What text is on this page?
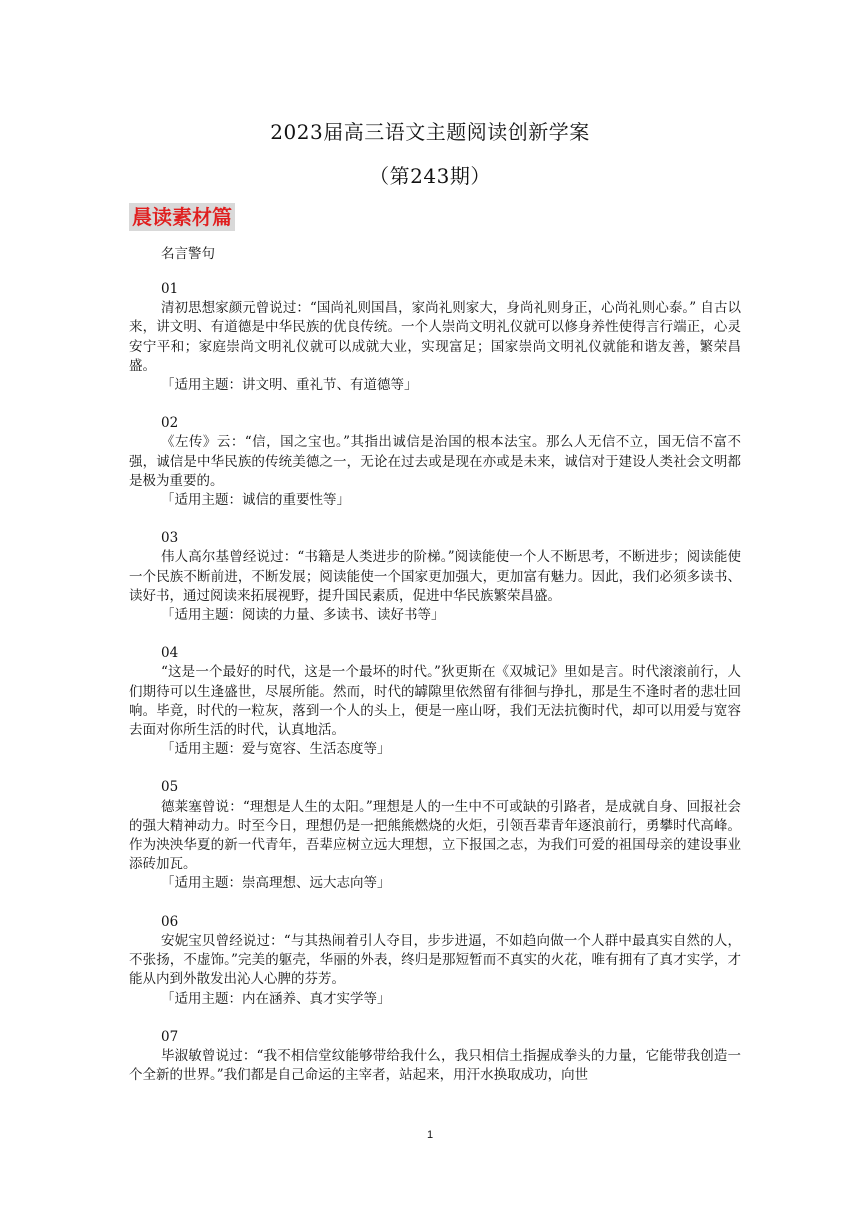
2023届高三语文主题阅读创新学案
（第243期）
晨读素材篇
名言警句
01
清初思想家颜元曾说过：“国尚礼则国昌，家尚礼则家大，身尚礼则身正，心尚礼则心泰。” 自古以来，讲文明、有道德是中华民族的优良传统。一个人崇尚文明礼仪就可以修身养性使得言行端正，心灵安宁平和；家庭崇尚文明礼仪就可以成就大业，实现富足；国家崇尚文明礼仪就能和谐友善，繁荣昌盛。
「适用主题：讲文明、重礼节、有道德等」
02
《左传》云：“信，国之宝也。”其指出诚信是治国的根本法宝。那么人无信不立，国无信不富不强，诚信是中华民族的传统美德之一，无论在过去或是现在亦或是未来，诚信对于建设人类社会文明都是极为重要的。
「适用主题：诚信的重要性等」
03
伟人高尔基曾经说过：“书籍是人类进步的阶梯。”阅读能使一个人不断思考，不断进步；阅读能使一个民族不断前进，不断发展；阅读能使一个国家更加强大，更加富有魅力。因此，我们必须多读书、读好书，通过阅读来拓展视野，提升国民素质，促进中华民族繁荣昌盛。
「适用主题：阅读的力量、多读书、读好书等」
04
“这是一个最好的时代，这是一个最坏的时代。”狄更斯在《双城记》里如是言。时代滚滚前行，人们期待可以生逢盛世，尽展所能。然而，时代的罅隙里依然留有徘徊与挣扎，那是生不逢时者的悲壮回响。毕竟，时代的一粒灰，落到一个人的头上，便是一座山呀，我们无法抗衡时代，却可以用爱与宽容去面对你所生活的时代，认真地活。
「适用主题：爱与宽容、生活态度等」
05
德莱塞曾说：“理想是人生的太阳。”理想是人的一生中不可或缺的引路者，是成就自身、回报社会的强大精神动力。时至今日，理想仍是一把熊熊燃烧的火炬，引领吾辈青年逐浪前行，勇攀时代高峰。作为泱泱华夏的新一代青年，吾辈应树立远大理想，立下报国之志，为我们可爱的祖国母亲的建设事业添砖加瓦。
「适用主题：崇高理想、远大志向等」
06
安妮宝贝曾经说过：“与其热闹着引人夺目，步步进逼，不如趋向做一个人群中最真实自然的人，不张扬，不虚饰。”完美的躯壳，华丽的外表，终归是那短暂而不真实的火花，唯有拥有了真才实学，才能从内到外散发出沁人心脾的芬芳。
「适用主题：内在涵养、真才实学等」
07
毕淑敏曾说过：“我不相信堂纹能够带给我什么，我只相信土指握成拳头的力量，它能带我创造一个全新的世界。”我们都是自己命运的主宰者，站起来，用汗水换取成功，向世
1
